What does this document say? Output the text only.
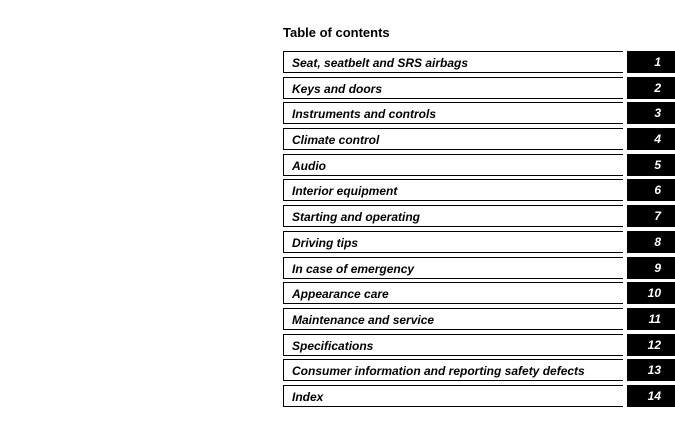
Table of contents
Seat, seatbelt and SRS airbags	1
Keys and doors	2
Instruments and controls	3
Climate control	4
Audio	5
Interior equipment	6
Starting and operating	7
Driving tips	8
In case of emergency	9
Appearance care	10
Maintenance and service	11
Specifications	12
Consumer information and reporting safety defects	13
Index	14
